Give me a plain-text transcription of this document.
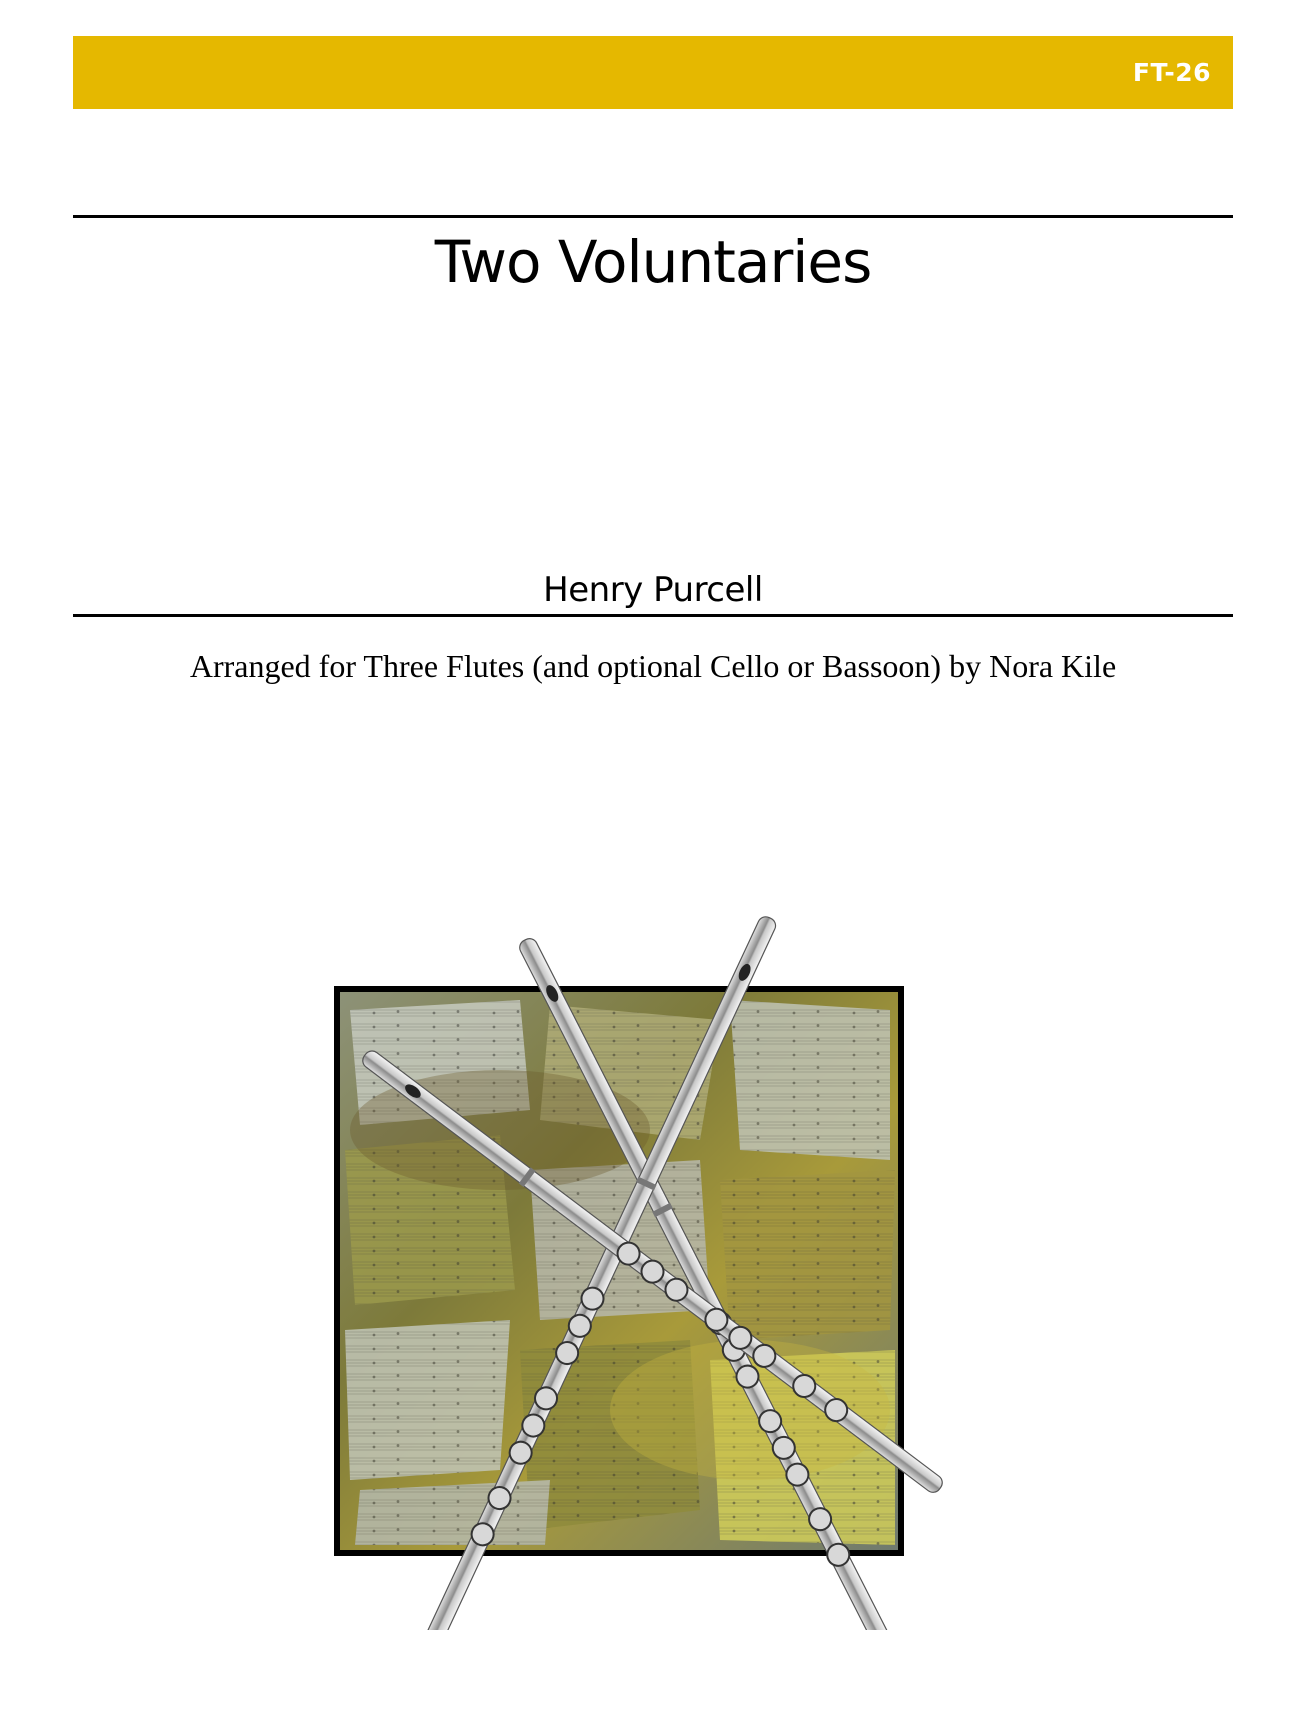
FT-26
Two Voluntaries
Henry Purcell
Arranged for Three Flutes (and optional Cello or Bassoon) by Nora Kile
